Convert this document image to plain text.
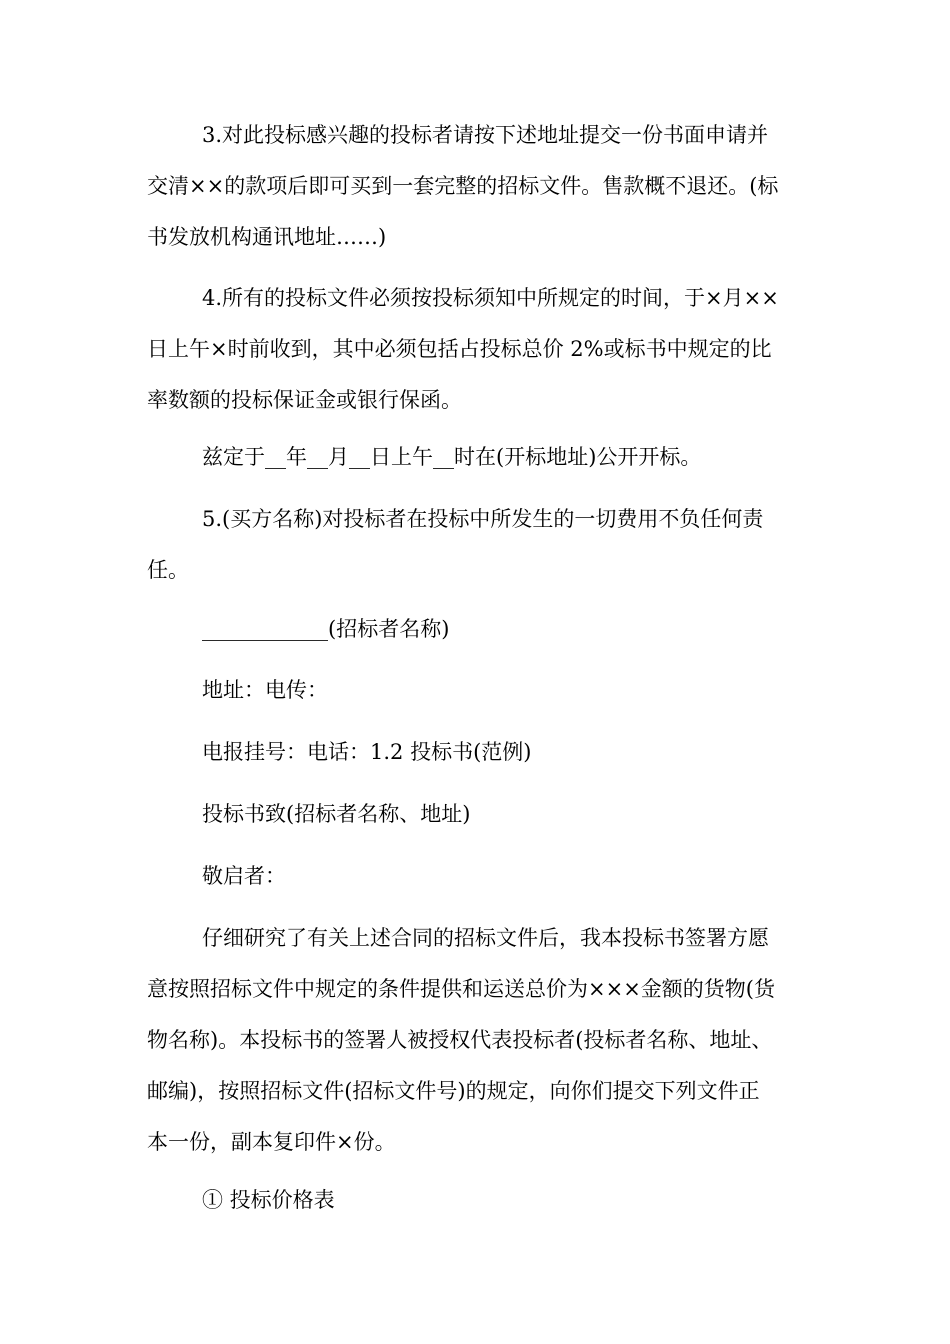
3.对此投标感兴趣的投标者请按下述地址提交一份书面申请并
交清××的款项后即可买到一套完整的招标文件。售款概不退还。(标
书发放机构通讯地址……)
4.所有的投标文件必须按投标须知中所规定的时间，于×月××
日上午×时前收到，其中必须包括占投标总价 2%或标书中规定的比
率数额的投标保证金或银行保函。
兹定于__年__月__日上午__时在(开标地址)公开开标。
5.(买方名称)对投标者在投标中所发生的一切费用不负任何责
任。
____________(招标者名称)
地址：电传：
电报挂号：电话：1.2 投标书(范例)
投标书致(招标者名称、地址)
敬启者：
仔细研究了有关上述合同的招标文件后，我本投标书签署方愿
意按照招标文件中规定的条件提供和运送总价为×××金额的货物(货
物名称)。本投标书的签署人被授权代表投标者(投标者名称、地址、
邮编)，按照招标文件(招标文件号)的规定，向你们提交下列文件正
本一份，副本复印件×份。
① 投标价格表
